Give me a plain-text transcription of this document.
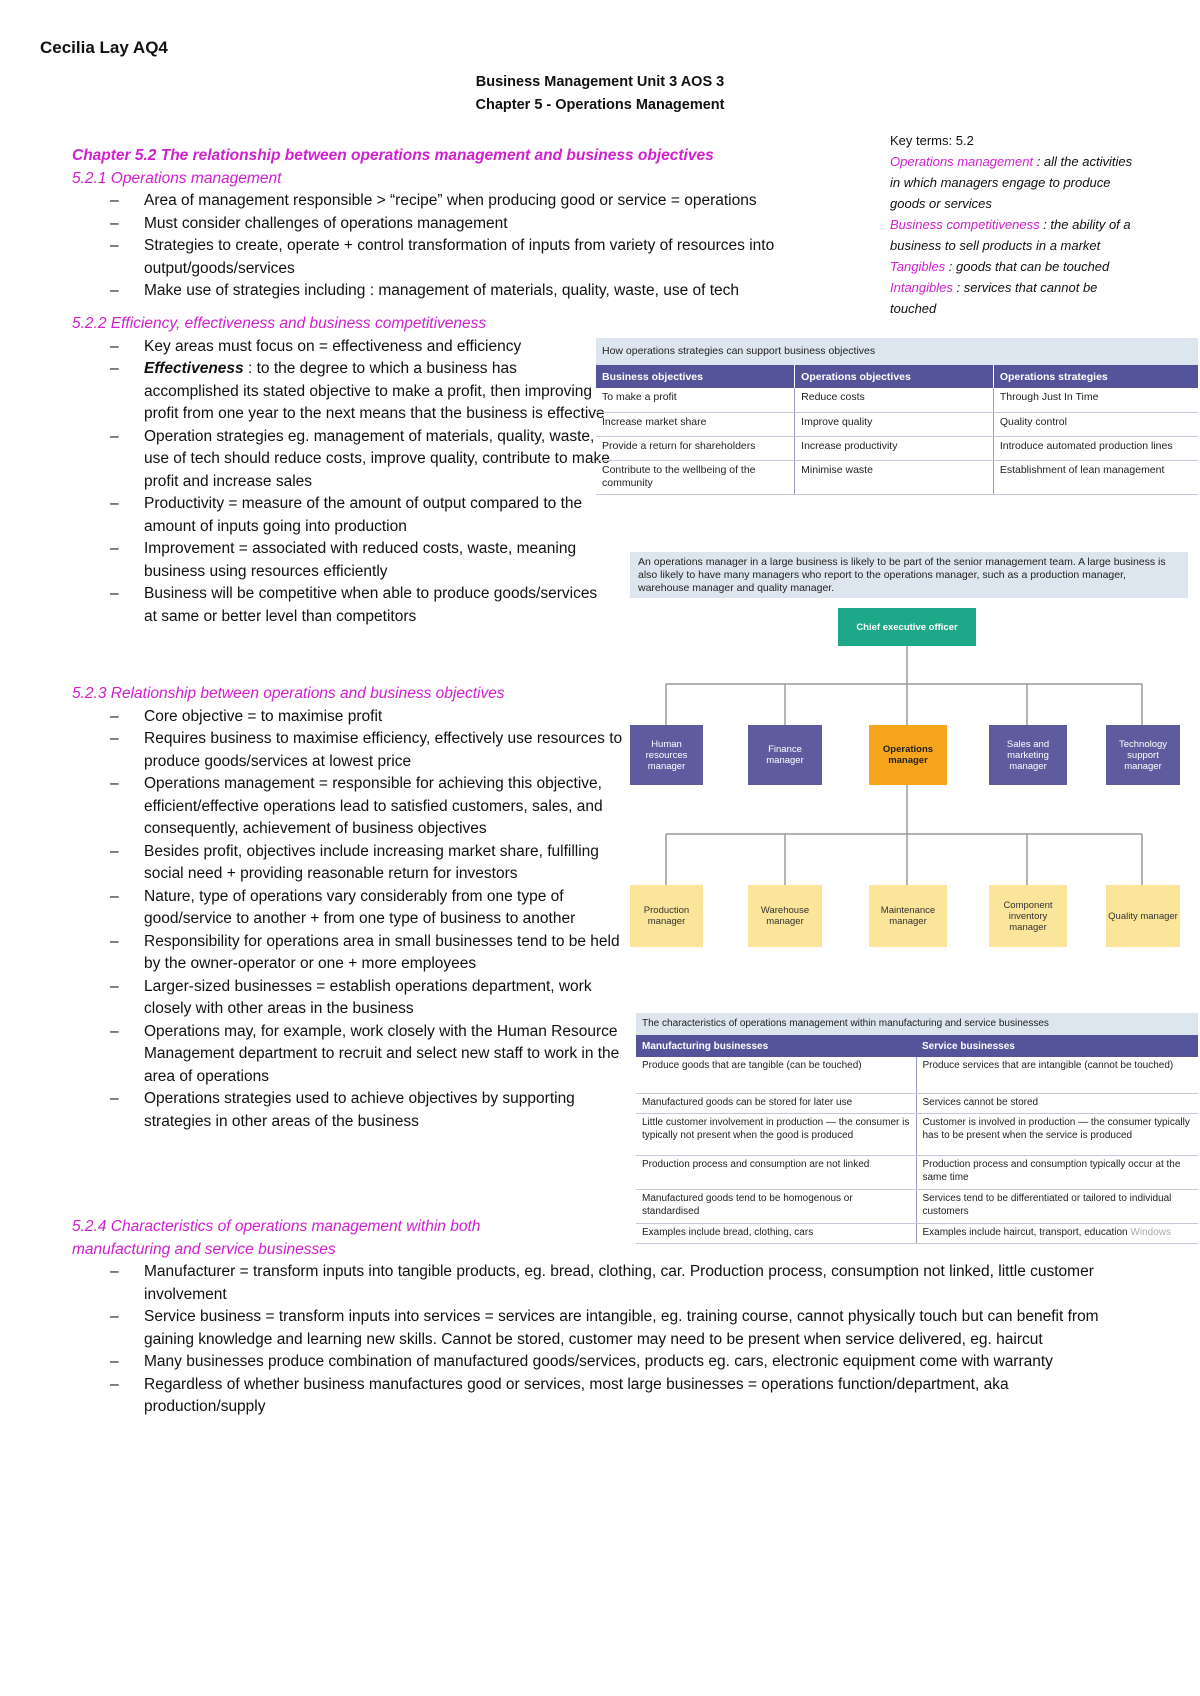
Cecilia Lay AQ4
Business Management Unit 3 AOS 3
Chapter 5 - Operations Management
Chapter 5.2 The relationship between operations management and business objectives
5.2.1 Operations management
– Area of management responsible > “recipe” when producing good or service = operations
– Must consider challenges of operations management
– Strategies to create, operate + control transformation of inputs from variety of resources into output/goods/services
– Make use of strategies including : management of materials, quality, waste, use of tech
5.2.2 Efficiency, effectiveness and business competitiveness
– Key areas must focus on = effectiveness and efficiency
– Effectiveness : to the degree to which a business has accomplished its stated objective to make a profit, then improving profit from one year to the next means that the business is effective
– Operation strategies eg. management of materials, quality, waste, use of tech should reduce costs, improve quality, contribute to make profit and increase sales
– Productivity = measure of the amount of output compared to the amount of inputs going into production
– Improvement = associated with reduced costs, waste, meaning business using resources efficiently
– Business will be competitive when able to produce goods/services at same or better level than competitors
5.2.3 Relationship between operations and business objectives
– Core objective = to maximise profit
– Requires business to maximise efficiency, effectively use resources to produce goods/services at lowest price
– Operations management = responsible for achieving this objective, efficient/effective operations lead to satisfied customers, sales, and consequently, achievement of business objectives
– Besides profit, objectives include increasing market share, fulfilling social need + providing reasonable return for investors
– Nature, type of operations vary considerably from one type of good/service to another + from one type of business to another
– Responsibility for operations area in small businesses tend to be held by the owner-operator or one + more employees
– Larger-sized businesses = establish operations department, work closely with other areas in the business
– Operations may, for example, work closely with the Human Resource Management department to recruit and select new staff to work in the area of operations
– Operations strategies used to achieve objectives by supporting strategies in other areas of the business
5.2.4 Characteristics of operations management within both
manufacturing and service businesses
– Manufacturer = transform inputs into tangible products, eg. bread, clothing, car. Production process, consumption not linked, little customer involvement
– Service business = transform inputs into services = services are intangible, eg. training course, cannot physically touch but can benefit from gaining knowledge and learning new skills. Cannot be stored, customer may need to be present when service delivered, eg. haircut
– Many businesses produce combination of manufactured goods/services, products eg. cars, electronic equipment come with warranty
– Regardless of whether business manufactures good or services, most large businesses = operations function/department, aka production/supply
Key terms: 5.2
Operations management : all the activities in which managers engage to produce goods or services
Business competitiveness : the ability of a business to sell products in a market
Tangibles : goods that can be touched
Intangibles : services that cannot be touched
How operations strategies can support business objectives
Business objectives	Operations objectives	Operations strategies
To make a profit	Reduce costs	Through Just In Time
Increase market share	Improve quality	Quality control
Provide a return for shareholders	Increase productivity	Introduce automated production lines
Contribute to the wellbeing of the community	Minimise waste	Establishment of lean management
An operations manager in a large business is likely to be part of the senior management team. A large business is also likely to have many managers who report to the operations manager, such as a production manager, warehouse manager and quality manager.
Chief executive officer
Human resources manager
Finance manager
Operations manager
Sales and marketing manager
Technology support manager
Production manager
Warehouse manager
Maintenance manager
Component inventory manager
Quality manager
The characteristics of operations management within manufacturing and service businesses
Manufacturing businesses	Service businesses
Produce goods that are tangible (can be touched)	Produce services that are intangible (cannot be touched)
Manufactured goods can be stored for later use	Services cannot be stored
Little customer involvement in production — the consumer is typically not present when the good is produced	Customer is involved in production — the consumer typically has to be present when the service is produced
Production process and consumption are not linked	Production process and consumption typically occur at the same time
Manufactured goods tend to be homogenous or standardised	Services tend to be differentiated or tailored to individual customers
Examples include bread, clothing, cars	Examples include haircut, transport, education Windows
